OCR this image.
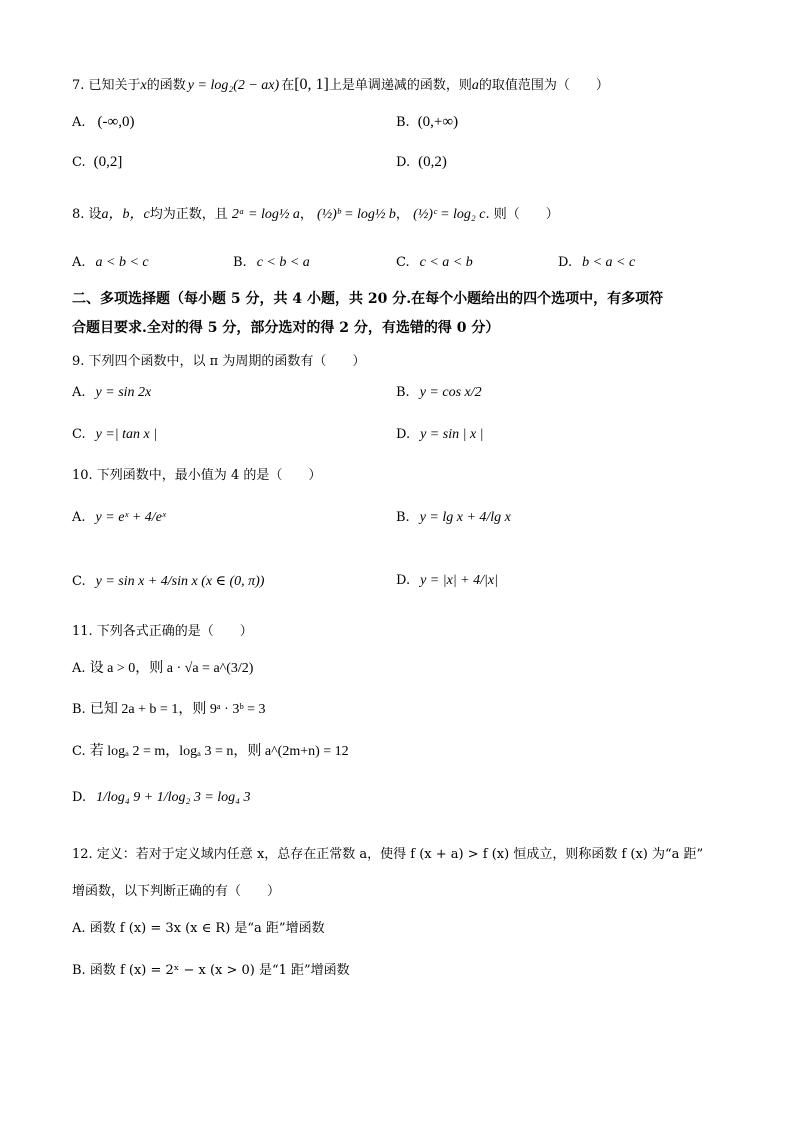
7. 已知关于x的函数 y = log₂(2 − ax) 在[0, 1]上是单调递减的函数，则a的取值范围为（　　）
A. (-∞,0)	B. (0,+∞)
C. (0,2]	D. (0,2)
8. 设a，b，c均为正数，且 2ᵃ = log½ a， (½)ᵇ = log½ b， (½)ᶜ = log₂ c. 则（　　）
A. a < b < c	B. c < b < a	C. c < a < b	D. b < a < c
二、多项选择题（每小题 5 分，共 4 小题，共 20 分.在每个小题给出的四个选项中，有多项符
合题目要求.全对的得 5 分，部分选对的得 2 分，有选错的得 0 分）
9. 下列四个函数中，以 π 为周期的函数有（　　）
A. y = sin 2x	B. y = cos x/2
C. y =| tan x |	D. y = sin | x |
10. 下列函数中，最小值为 4 的是（　　）
A. y = eˣ + 4/eˣ	B. y = lg x + 4/lg x
C. y = sin x + 4/sin x (x ∈ (0, π))	D. y = |x| + 4/|x|
11. 下列各式正确的是（　　）
A. 设 a > 0，则 a · √a = a^(3/2)
B. 已知 2a + b = 1，则 9ᵃ · 3ᵇ = 3
C. 若 logₐ 2 = m，logₐ 3 = n，则 a^(2m+n) = 12
D. 1/log₄ 9 + 1/log₂ 3 = log₄ 3
12. 定义：若对于定义域内任意 x，总存在正常数 a，使得 f (x + a) > f (x) 恒成立，则称函数 f (x) 为“a 距”
增函数，以下判断正确的有（　　）
A. 函数 f (x) = 3x (x ∈ R) 是“a 距”增函数
B. 函数 f (x) = 2ˣ − x (x > 0) 是“1 距”增函数
